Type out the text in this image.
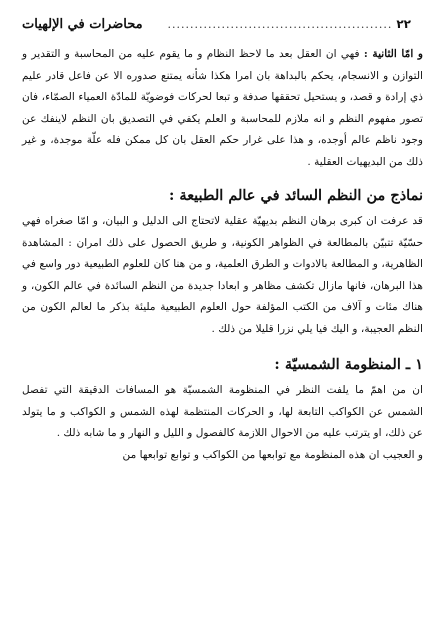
٢٢
..................................................
محاضرات في الإلهيات

و امّا الثانية : فهي ان العقل بعد ما لاحظ النظام و ما يقوم عليه من المحاسبة و التقدير و التوازن و الانسجام، يحكم بالبداهة بان امرا هكذا شأنه يمتنع صدوره الا عن فاعل قادر عليم ذي إرادة و قصد، و يستحيل تحققها صدفة و تبعا لحركات فوضويّة للمادّة العمياء الصمّاء، فان تصور مفهوم النظم و انه ملازم للمحاسبة و العلم يكفي في التصديق بان النظم لاينفك عن وجود ناظم عالم أوجده، و هذا على غرار حكم العقل بان كل ممكن فله علّة موجدة، و غير ذلك من البديهيات العقلية .

نماذج من النظم السائد في عالم الطبيعة :

قد عرفت ان كبرى برهان النظم بديهيّة عقلية لاتحتاج الى الدليل و البيان، و امّا صغراه فهي حسّيّة تتبيّن بالمطالعة في الظواهر الكونية، و طريق الحصول على ذلك امران : المشاهدة الظاهرية، و المطالعة بالادوات و الطرق العلمية، و من هنا كان للعلوم الطبيعية دور واسع في هذا البرهان، فانها مازال تكشف مظاهر و ابعادا جديدة من النظم السائدة في عالم الكون، و هناك مئات و آلاف من الكتب المؤلفة حول العلوم الطبيعية مليئة بذكر ما لعالم الكون من النظم العجيبة، و اليك فيا يلي نزرا قليلا من ذلك .

١ ـ المنظومة الشمسيّة :

ان من اهمّ ما يلفت النظر في المنظومة الشمسيّة هو المسافات الدقيقة التي تفصل الشمس عن الكواكب التابعة لها، و الحركات المنتظمة لهذه الشمس و الكواكب و ما يتولد عن ذلك، او يترتب عليه من الاحوال اللازمة كالفصول و الليل و النهار و ما شابه ذلك .

و العجيب ان هذه المنظومة مع توابعها من الكواكب و توابع توابعها من
